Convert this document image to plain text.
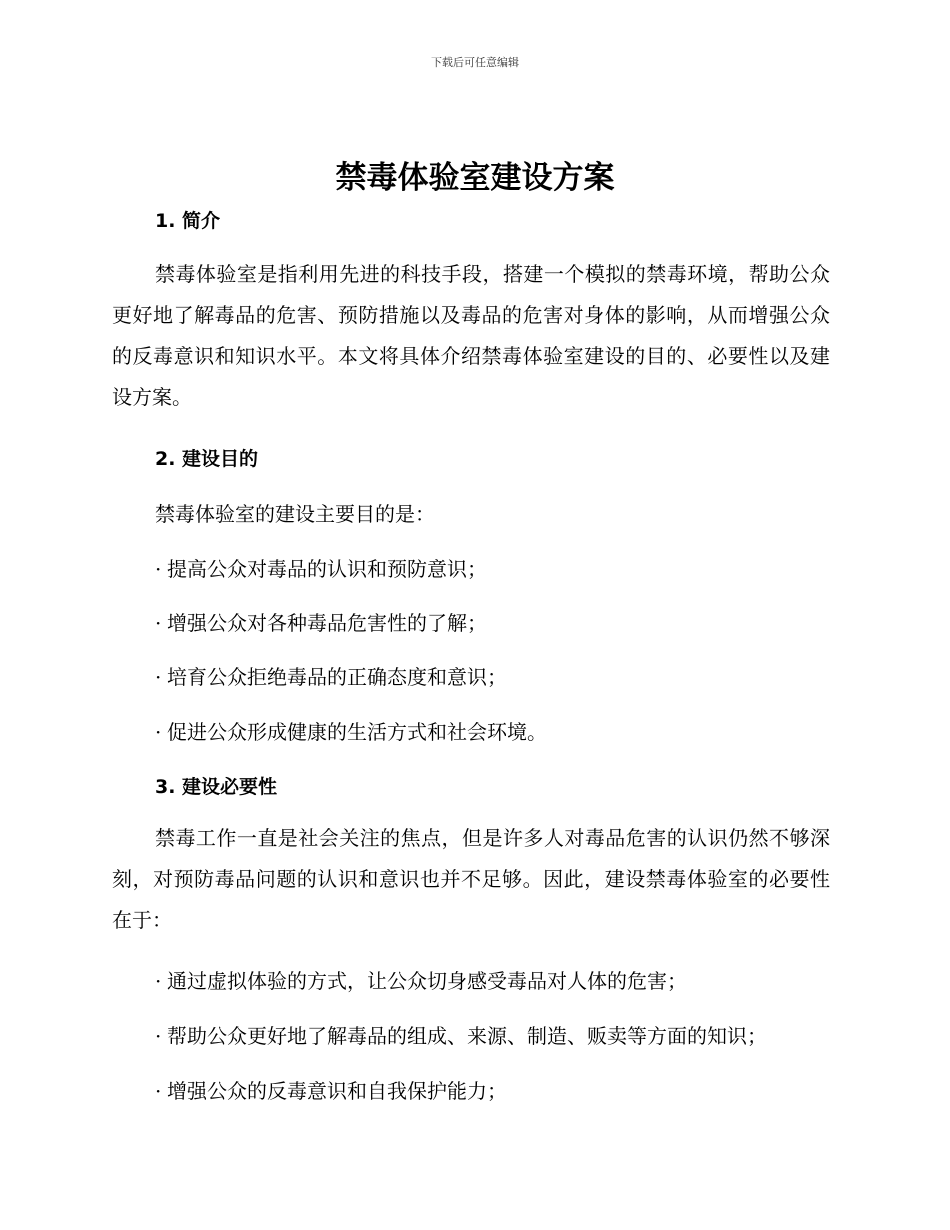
下载后可任意编辑
禁毒体验室建设方案
1. 简介
禁毒体验室是指利用先进的科技手段，搭建一个模拟的禁毒环境，帮助公众更好地了解毒品的危害、预防措施以及毒品的危害对身体的影响，从而增强公众的反毒意识和知识水平。本文将具体介绍禁毒体验室建设的目的、必要性以及建设方案。
2. 建设目的
禁毒体验室的建设主要目的是：
· 提高公众对毒品的认识和预防意识；
· 增强公众对各种毒品危害性的了解；
· 培育公众拒绝毒品的正确态度和意识；
· 促进公众形成健康的生活方式和社会环境。
3. 建设必要性
禁毒工作一直是社会关注的焦点，但是许多人对毒品危害的认识仍然不够深刻，对预防毒品问题的认识和意识也并不足够。因此，建设禁毒体验室的必要性在于：
· 通过虚拟体验的方式，让公众切身感受毒品对人体的危害；
· 帮助公众更好地了解毒品的组成、来源、制造、贩卖等方面的知识；
· 增强公众的反毒意识和自我保护能力；
